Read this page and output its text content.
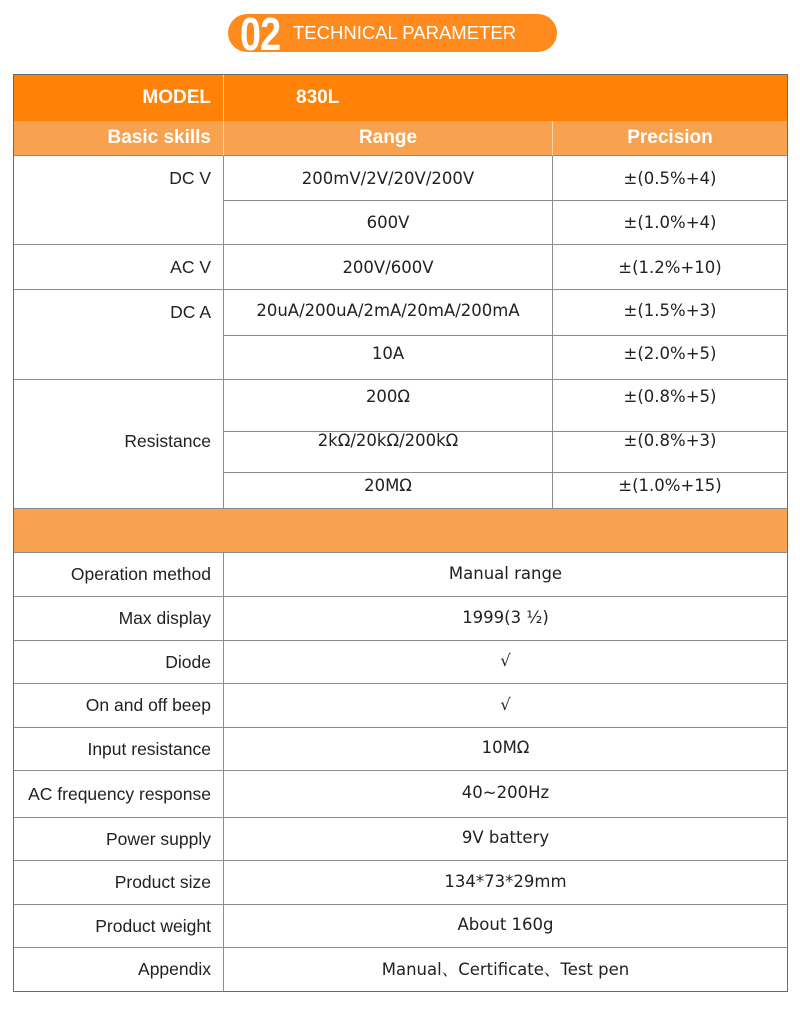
02 TECHNICAL PARAMETER
MODEL	830L
Basic skills	Range	Precision
DC V	200mV/2V/20V/200V	±(0.5%+4)
600V	±(1.0%+4)
AC V	200V/600V	±(1.2%+10)
DC A	20uA/200uA/2mA/20mA/200mA	±(1.5%+3)
10A	±(2.0%+5)
Resistance
200Ω	±(0.8%+5)
2kΩ/20kΩ/200kΩ	±(0.8%+3)
20MΩ	±(1.0%+15)
Operation method	Manual range
Max display	1999(3 ½)
Diode	√
On and off beep	√
Input resistance	10MΩ
AC frequency response	40~200Hz
Power supply	9V battery
Product size	134*73*29mm
Product weight	About 160g
Appendix	Manual、Certificate、Test pen
